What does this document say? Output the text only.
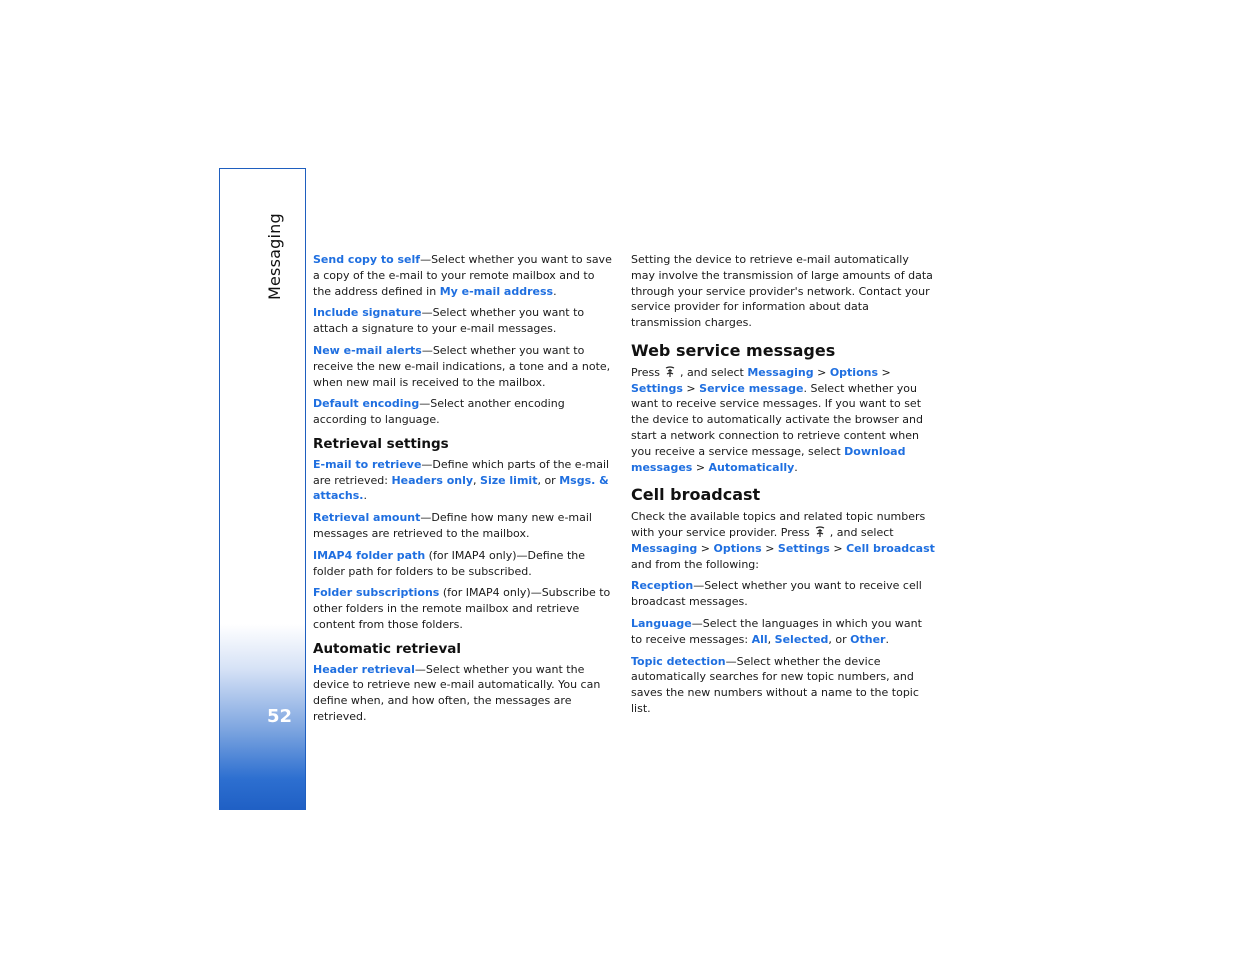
Messaging
52

Send copy to self—Select whether you want to save a copy of the e-mail to your remote mailbox and to the address defined in My e-mail address.

Include signature—Select whether you want to attach a signature to your e-mail messages.

New e-mail alerts—Select whether you want to receive the new e-mail indications, a tone and a note, when new mail is received to the mailbox.

Default encoding—Select another encoding according to language.

Retrieval settings

E-mail to retrieve—Define which parts of the e-mail are retrieved: Headers only, Size limit, or Msgs. & attachs..

Retrieval amount—Define how many new e-mail messages are retrieved to the mailbox.

IMAP4 folder path (for IMAP4 only)—Define the folder path for folders to be subscribed.

Folder subscriptions (for IMAP4 only)—Subscribe to other folders in the remote mailbox and retrieve content from those folders.

Automatic retrieval

Header retrieval—Select whether you want the device to retrieve new e-mail automatically. You can define when, and how often, the messages are retrieved.

Setting the device to retrieve e-mail automatically may involve the transmission of large amounts of data through your service provider's network. Contact your service provider for information about data transmission charges.

Web service messages

Press , and select Messaging > Options > Settings > Service message. Select whether you want to receive service messages. If you want to set the device to automatically activate the browser and start a network connection to retrieve content when you receive a service message, select Download messages > Automatically.

Cell broadcast

Check the available topics and related topic numbers with your service provider. Press , and select Messaging > Options > Settings > Cell broadcast and from the following:

Reception—Select whether you want to receive cell broadcast messages.

Language—Select the languages in which you want to receive messages: All, Selected, or Other.

Topic detection—Select whether the device automatically searches for new topic numbers, and saves the new numbers without a name to the topic list.
